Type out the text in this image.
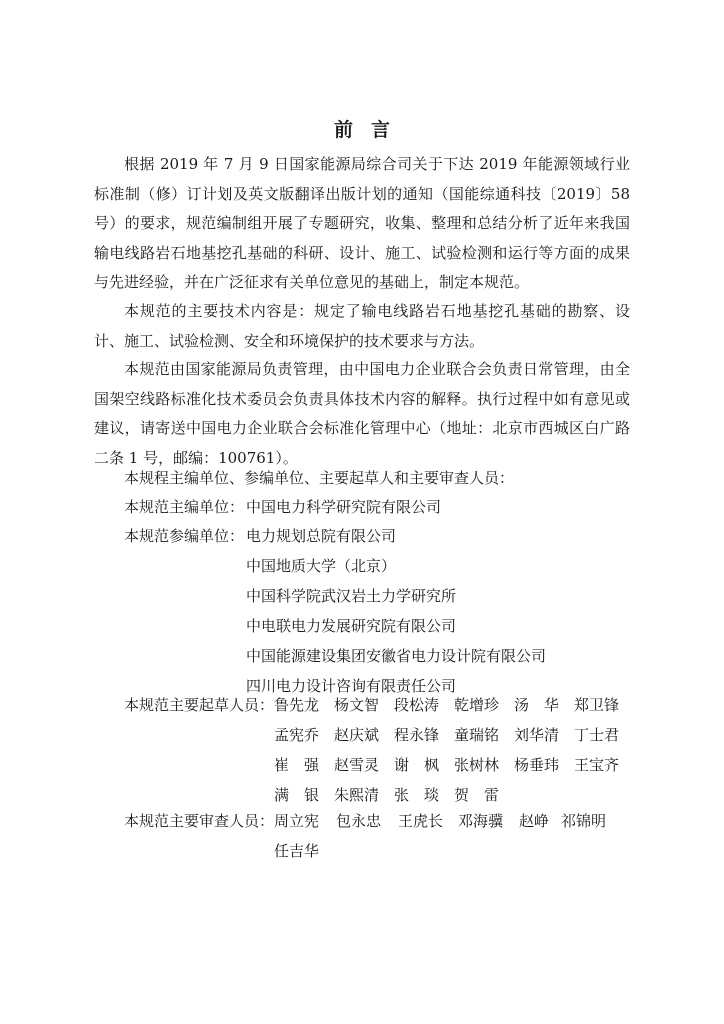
前 言
根据 2019 年 7 月 9 日国家能源局综合司关于下达 2019 年能源领域行业标准制（修）订计划及英文版翻译出版计划的通知（国能综通科技〔2019〕58 号）的要求，规范编制组开展了专题研究，收集、整理和总结分析了近年来我国输电线路岩石地基挖孔基础的科研、设计、施工、试验检测和运行等方面的成果与先进经验，并在广泛征求有关单位意见的基础上，制定本规范。
本规范的主要技术内容是：规定了输电线路岩石地基挖孔基础的勘察、设计、施工、试验检测、安全和环境保护的技术要求与方法。
本规范由国家能源局负责管理，由中国电力企业联合会负责日常管理，由全国架空线路标准化技术委员会负责具体技术内容的解释。执行过程中如有意见或建议，请寄送中国电力企业联合会标准化管理中心（地址：北京市西城区白广路二条 1 号，邮编：100761）。
本规程主编单位、参编单位、主要起草人和主要审查人员：
本规范主编单位： 中国电力科学研究院有限公司
本规范参编单位： 电力规划总院有限公司
中国地质大学（北京）
中国科学院武汉岩土力学研究所
中电联电力发展研究院有限公司
中国能源建设集团安徽省电力设计院有限公司
四川电力设计咨询有限责任公司
本规范主要起草人员： 鲁先龙 杨文智 段松涛 乾增珍 汤　华 郑卫锋
孟宪乔 赵庆斌 程永锋 童瑞铭 刘华清 丁士君
崔　强 赵雪灵 谢　枫 张树林 杨垂玮 王宝齐
满　银 朱熙清 张　琰 贺　雷
本规范主要审查人员： 周立宪	包永忠	王虎长 邓海骥	赵峥 祁锦明
任吉华
